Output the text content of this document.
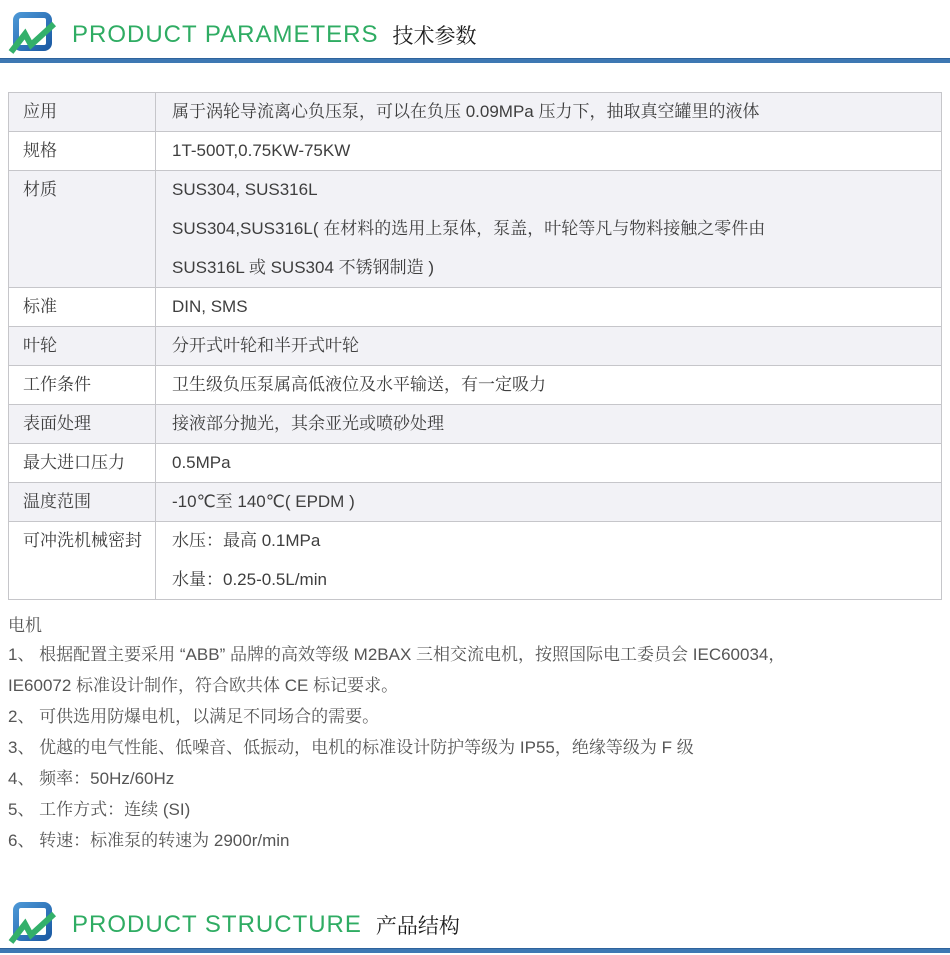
PRODUCT PARAMETERS 技术参数
应用	属于涡轮导流离心负压泵，可以在负压 0.09MPa 压力下，抽取真空罐里的液体

规格	1T-500T,0.75KW-75KW

材质	SUS304, SUS316L
SUS304,SUS316L( 在材料的选用上泵体，泵盖，叶轮等凡与物料接触之零件由
SUS316L 或 SUS304 不锈钢制造 )

标准	DIN, SMS

叶轮	分开式叶轮和半开式叶轮

工作条件	卫生级负压泵属高低液位及水平输送，有一定吸力

表面处理	接液部分抛光，其余亚光或喷砂处理

最大进口压力	0.5MPa

温度范围	-10℃至 140℃( EPDM )

可冲洗机械密封	水压：最高 0.1MPa
水量：0.25-0.5L/min
电机
1、 根据配置主要采用 “ABB” 品牌的高效等级 M2BAX 三相交流电机，按照国际电工委员会 IEC60034，
IE60072 标准设计制作，符合欧共体 CE 标记要求。
2、 可供选用防爆电机，以满足不同场合的需要。
3、 优越的电气性能、低噪音、低振动，电机的标准设计防护等级为 IP55，绝缘等级为 F 级
4、 频率：50Hz/60Hz
5、 工作方式：连续 (SI)
6、 转速：标准泵的转速为 2900r/min
PRODUCT STRUCTURE 产品结构
